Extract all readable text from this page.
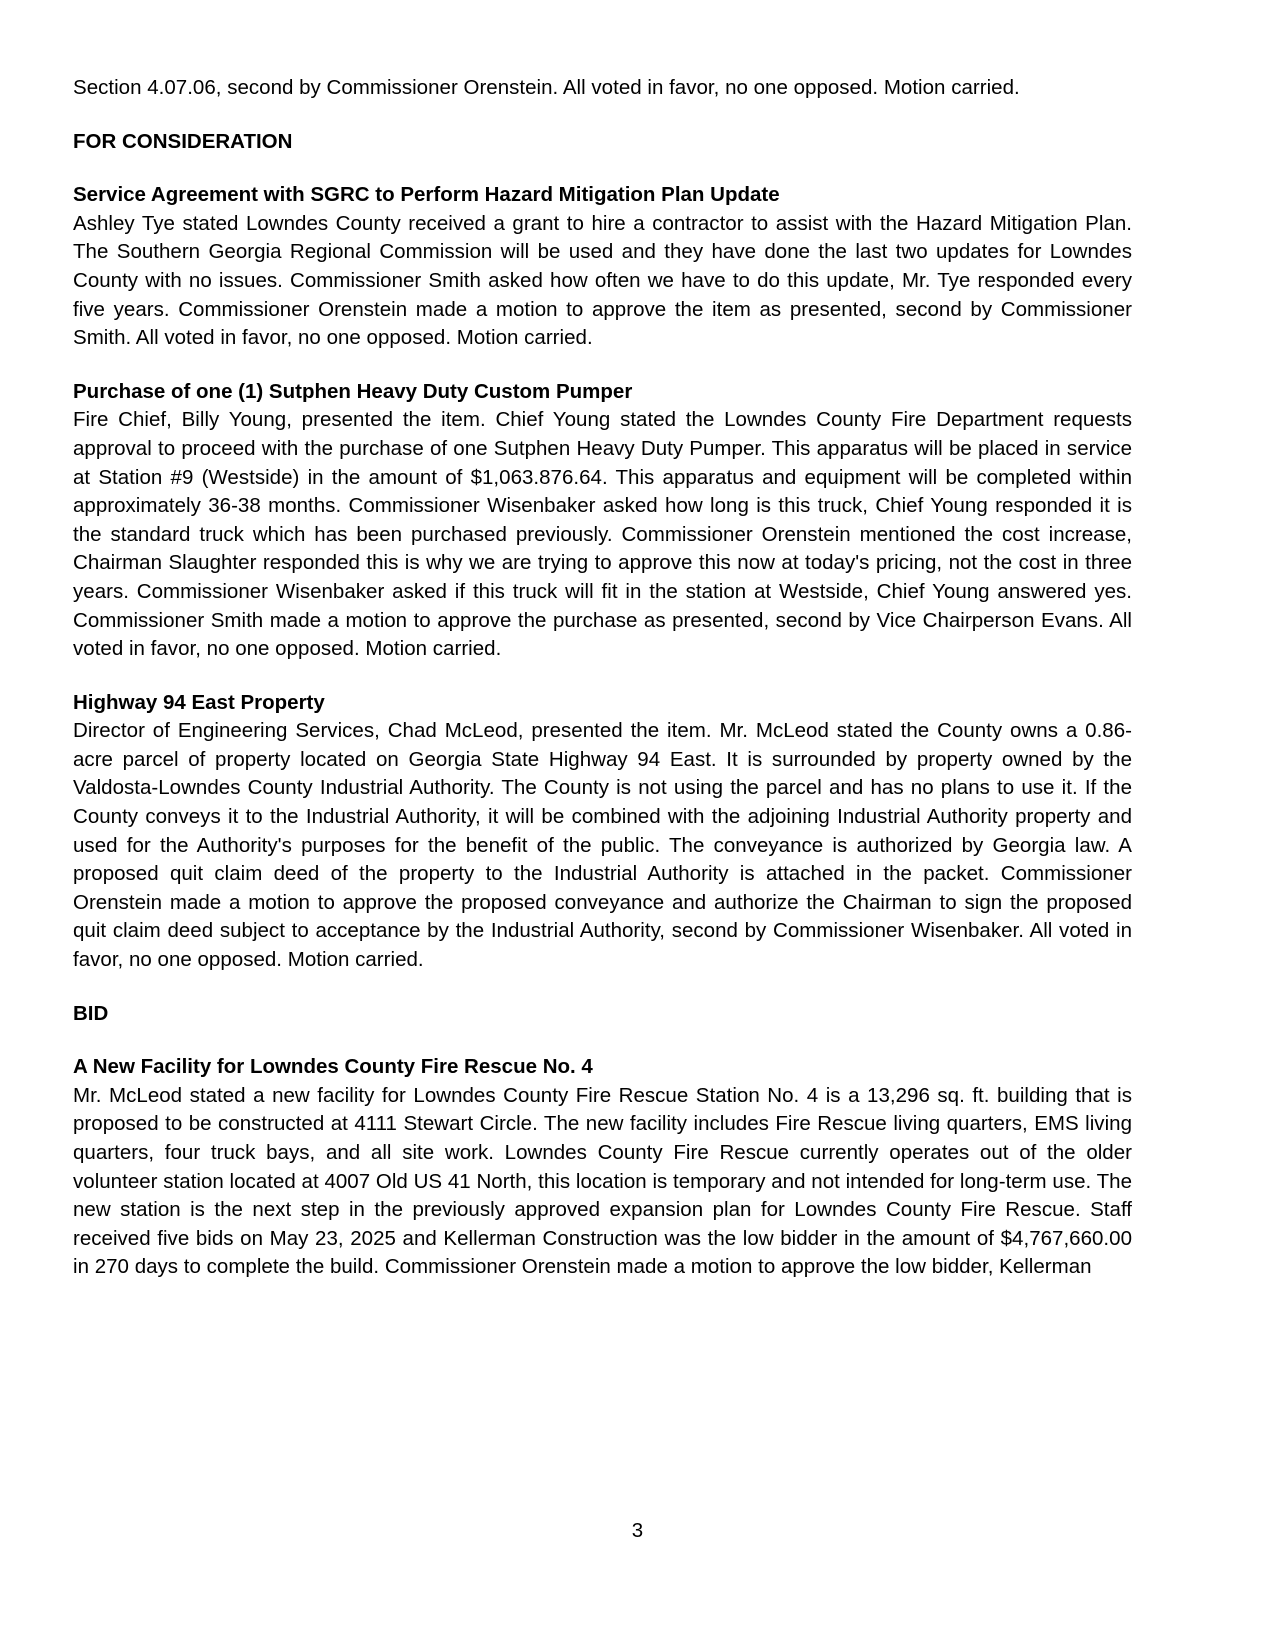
Section 4.07.06, second by Commissioner Orenstein. All voted in favor, no one opposed. Motion carried.

FOR CONSIDERATION
Service Agreement with SGRC to Perform Hazard Mitigation Plan Update

Ashley Tye stated Lowndes County received a grant to hire a contractor to assist with the Hazard Mitigation Plan. The Southern Georgia Regional Commission will be used and they have done the last two updates for Lowndes County with no issues. Commissioner Smith asked how often we have to do this update, Mr. Tye responded every five years. Commissioner Orenstein made a motion to approve the item as presented, second by Commissioner Smith. All voted in favor, no one opposed. Motion carried.

Purchase of one (1) Sutphen Heavy Duty Custom Pumper

Fire Chief, Billy Young, presented the item. Chief Young stated the Lowndes County Fire Department requests approval to proceed with the purchase of one Sutphen Heavy Duty Pumper. This apparatus will be placed in service at Station #9 (Westside) in the amount of $1,063.876.64. This apparatus and equipment will be completed within approximately 36-38 months. Commissioner Wisenbaker asked how long is this truck, Chief Young responded it is the standard truck which has been purchased previously. Commissioner Orenstein mentioned the cost increase, Chairman Slaughter responded this is why we are trying to approve this now at today's pricing, not the cost in three years. Commissioner Wisenbaker asked if this truck will fit in the station at Westside, Chief Young answered yes. Commissioner Smith made a motion to approve the purchase as presented, second by Vice Chairperson Evans. All voted in favor, no one opposed. Motion carried.

Highway 94 East Property

Director of Engineering Services, Chad McLeod, presented the item. Mr. McLeod stated the County owns a 0.86-acre parcel of property located on Georgia State Highway 94 East. It is surrounded by property owned by the Valdosta-Lowndes County Industrial Authority. The County is not using the parcel and has no plans to use it. If the County conveys it to the Industrial Authority, it will be combined with the adjoining Industrial Authority property and used for the Authority's purposes for the benefit of the public. The conveyance is authorized by Georgia law. A proposed quit claim deed of the property to the Industrial Authority is attached in the packet. Commissioner Orenstein made a motion to approve the proposed conveyance and authorize the Chairman to sign the proposed quit claim deed subject to acceptance by the Industrial Authority, second by Commissioner Wisenbaker. All voted in favor, no one opposed. Motion carried.

BID
A New Facility for Lowndes County Fire Rescue No. 4

Mr. McLeod stated a new facility for Lowndes County Fire Rescue Station No. 4 is a 13,296 sq. ft. building that is proposed to be constructed at 4111 Stewart Circle. The new facility includes Fire Rescue living quarters, EMS living quarters, four truck bays, and all site work. Lowndes County Fire Rescue currently operates out of the older volunteer station located at 4007 Old US 41 North, this location is temporary and not intended for long-term use. The new station is the next step in the previously approved expansion plan for Lowndes County Fire Rescue. Staff received five bids on May 23, 2025 and Kellerman Construction was the low bidder in the amount of $4,767,660.00 in 270 days to complete the build. Commissioner Orenstein made a motion to approve the low bidder, Kellerman

3
